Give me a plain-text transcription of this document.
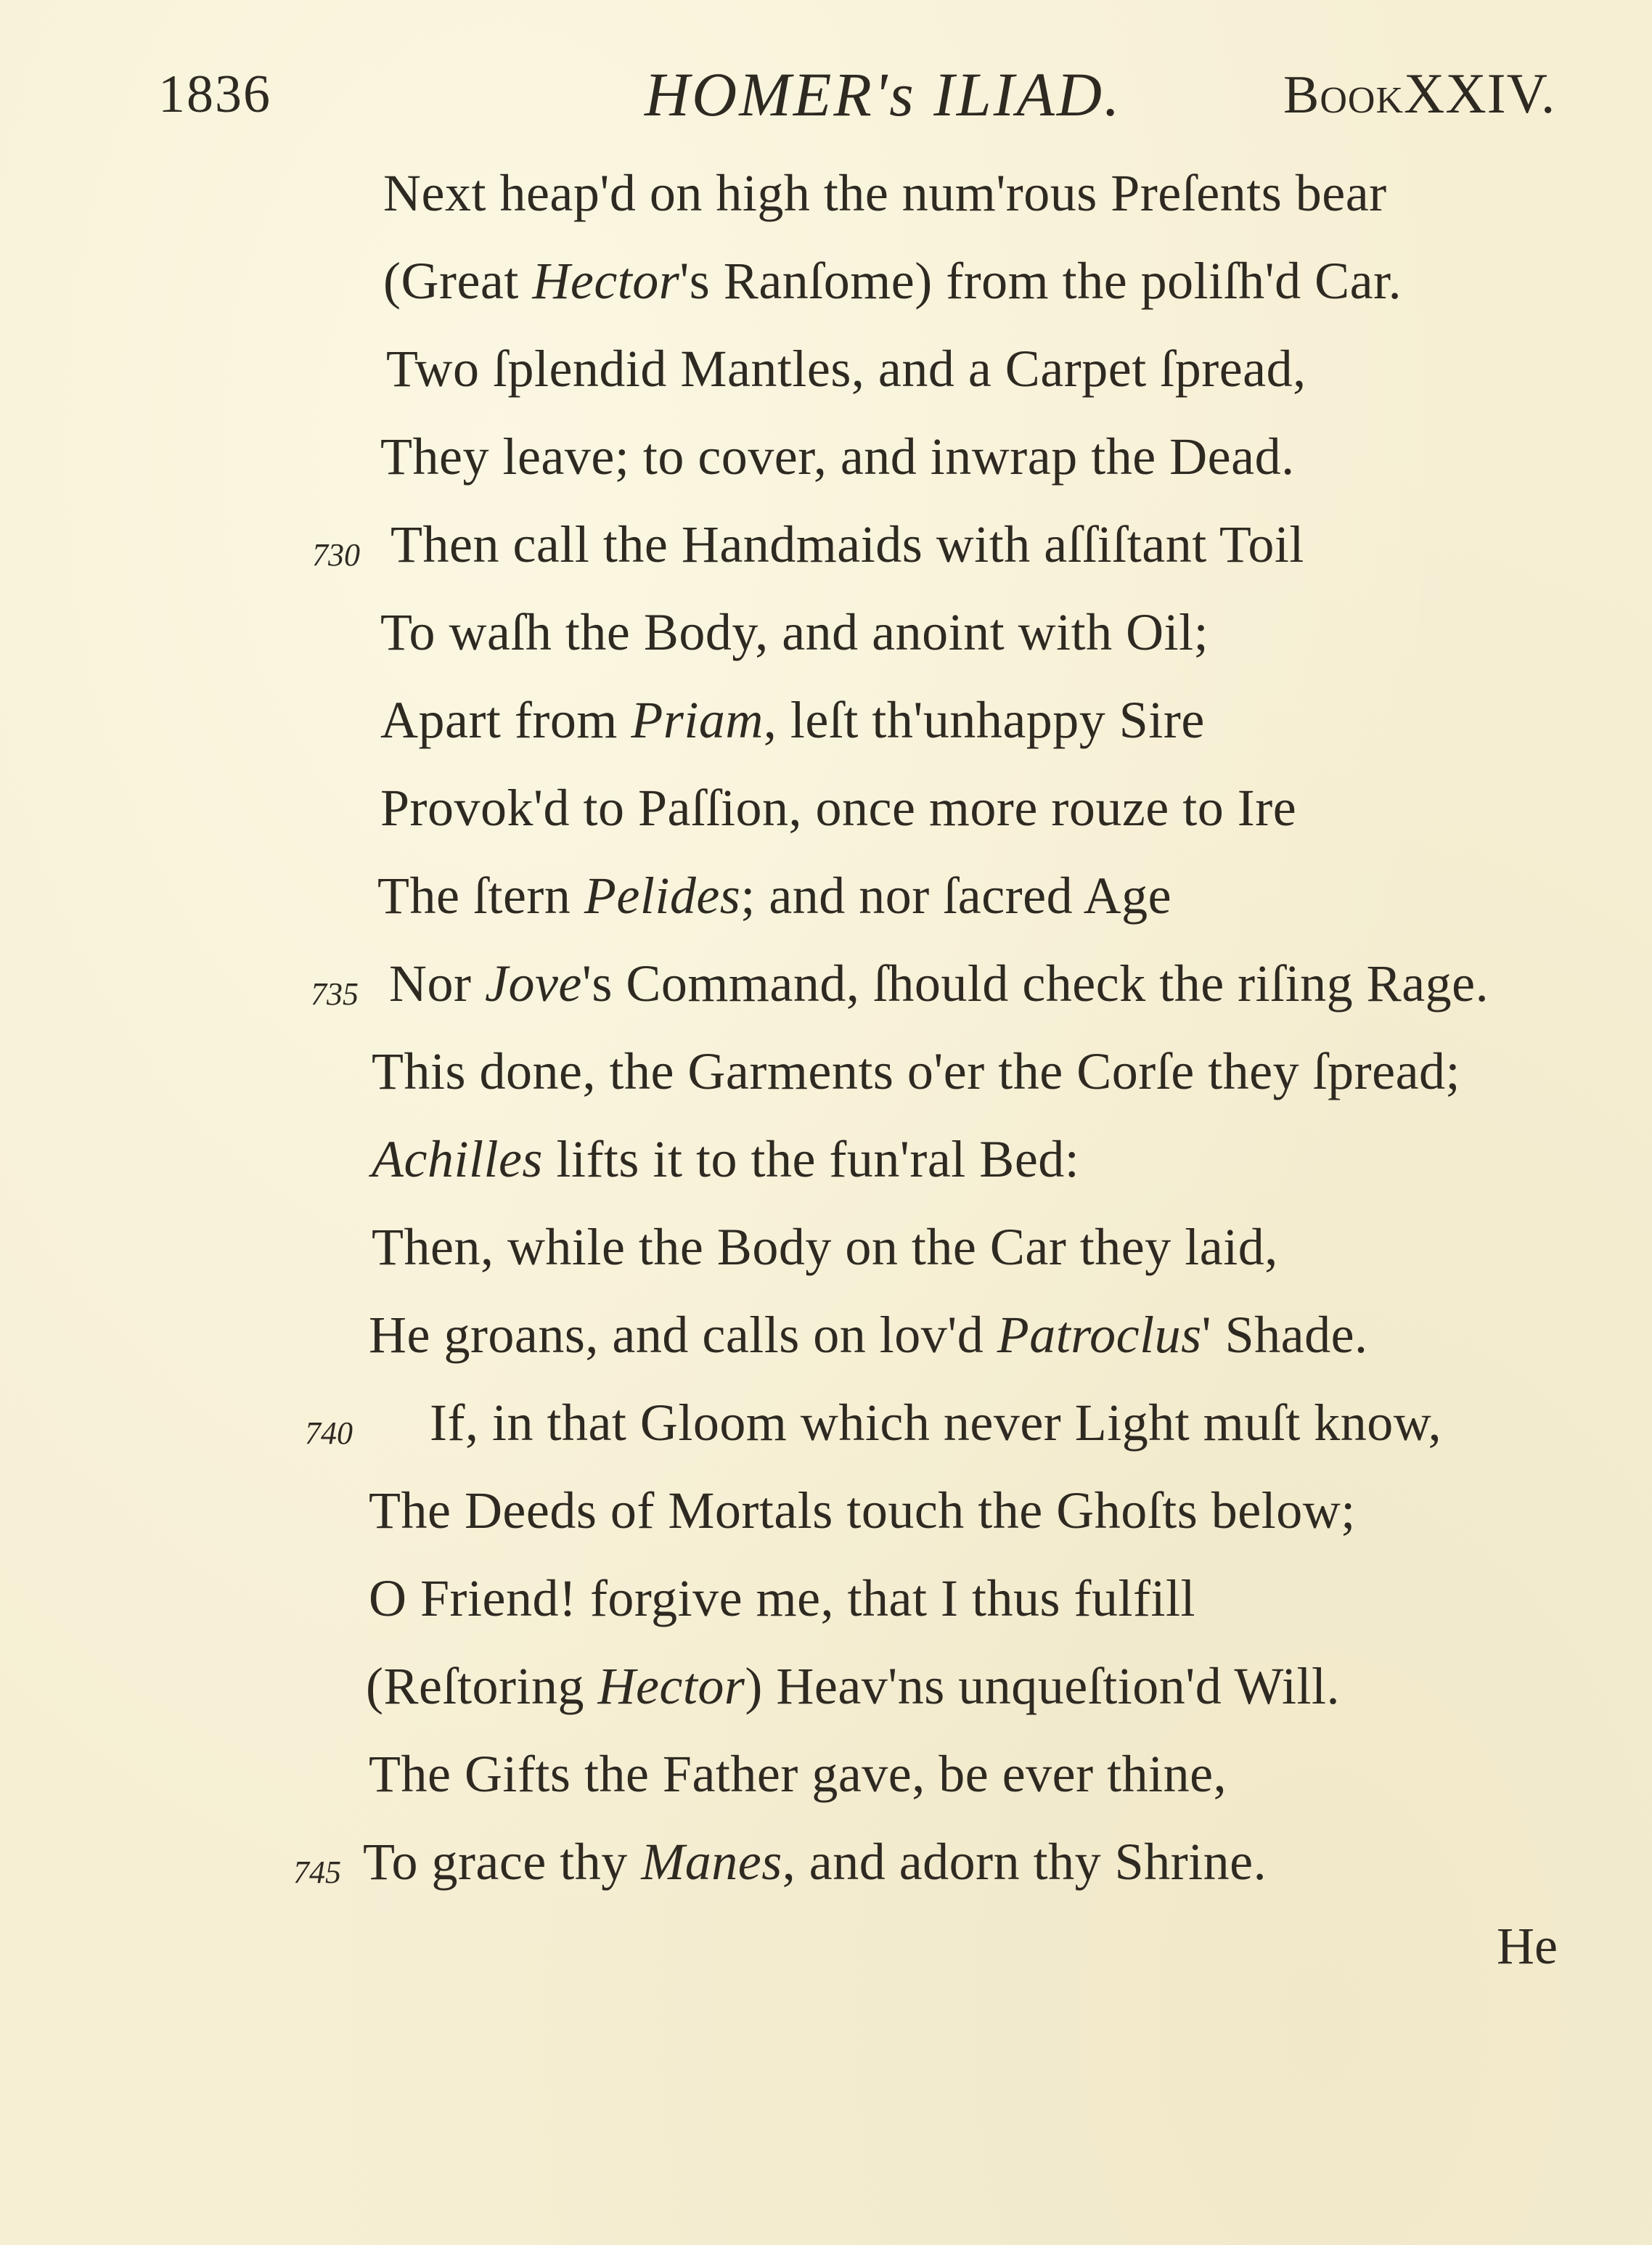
1836	HOMER's ILIAD.	BookXXIV.
Next heap'd on high the num'rous Preſents bear
(Great Hector's Ranſome) from the poliſh'd Car.
Two ſplendid Mantles, and a Carpet ſpread,
They leave; to cover, and inwrap the Dead.
730 Then call the Handmaids with aſſiſtant Toil
To waſh the Body, and anoint with Oil;
Apart from Priam, leſt th'unhappy Sire
Provok'd to Paſſion, once more rouze to Ire
The ſtern Pelides; and nor ſacred Age
735 Nor Jove's Command, ſhould check the riſing Rage.
This done, the Garments o'er the Corſe they ſpread;
Achilles lifts it to the fun'ral Bed:
Then, while the Body on the Car they laid,
He groans, and calls on lov'd Patroclus' Shade.
740 If, in that Gloom which never Light muſt know,
The Deeds of Mortals touch the Ghoſts below;
O Friend! forgive me, that I thus fulfill
(Reſtoring Hector) Heav'ns unqueſtion'd Will.
The Gifts the Father gave, be ever thine,
745 To grace thy Manes, and adorn thy Shrine.
He
